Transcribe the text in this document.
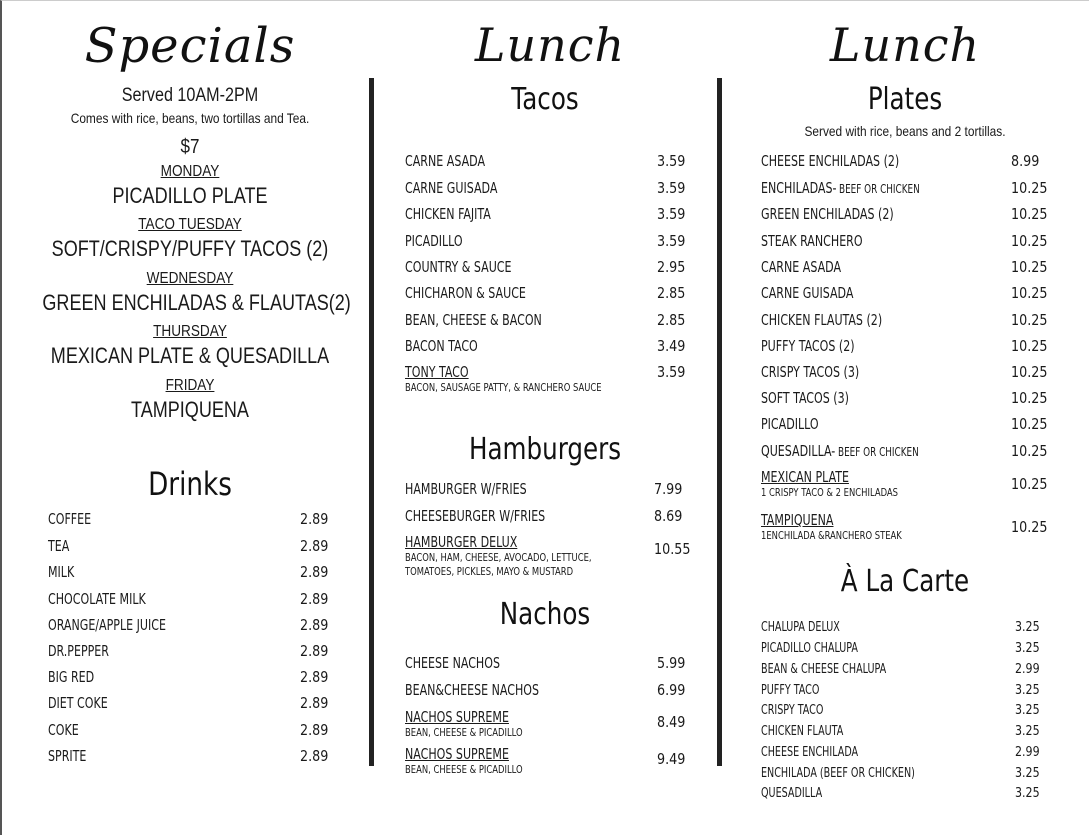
Specials
Served 10AM-2PM
Comes with rice, beans, two tortillas and Tea.
$7
MONDAY
PICADILLO PLATE
TACO TUESDAY
SOFT/CRISPY/PUFFY TACOS (2)
WEDNESDAY
GREEN ENCHILADAS & FLAUTAS(2)
THURSDAY
MEXICAN PLATE & QUESADILLA
FRIDAY
TAMPIQUENA
Drinks
COFFEE	2.89
TEA	2.89
MILK	2.89
CHOCOLATE MILK	2.89
ORANGE/APPLE JUICE	2.89
DR.PEPPER	2.89
BIG RED	2.89
DIET COKE	2.89
COKE	2.89
SPRITE	2.89
Lunch
Tacos
CARNE ASADA	3.59
CARNE GUISADA	3.59
CHICKEN FAJITA	3.59
PICADILLO	3.59
COUNTRY & SAUCE	2.95
CHICHARON & SAUCE	2.85
BEAN, CHEESE & BACON	2.85
BACON TACO	3.49
TONY TACO
BACON, SAUSAGE PATTY, & RANCHERO SAUCE
3.59
Hamburgers
HAMBURGER W/FRIES	7.99
CHEESEBURGER W/FRIES	8.69
HAMBURGER DELUX
BACON, HAM, CHEESE, AVOCADO, LETTUCE, TOMATOES, PICKLES, MAYO & MUSTARD
10.55
Nachos
CHEESE NACHOS	5.99
BEAN&CHEESE NACHOS	6.99
NACHOS SUPREME
BEAN, CHEESE & PICADILLO
8.49
NACHOS SUPREME
BEAN, CHEESE & PICADILLO
9.49
Lunch
Plates
Served with rice, beans and 2 tortillas.
CHEESE ENCHILADAS (2)	8.99
ENCHILADAS- BEEF OR CHICKEN	10.25
GREEN ENCHILADAS (2)	10.25
STEAK RANCHERO	10.25
CARNE ASADA	10.25
CARNE GUISADA	10.25
CHICKEN FLAUTAS (2)	10.25
PUFFY TACOS (2)	10.25
CRISPY TACOS (3)	10.25
SOFT TACOS (3)	10.25
PICADILLO	10.25
QUESADILLA- BEEF OR CHICKEN	10.25
MEXICAN PLATE
1 CRISPY TACO & 2 ENCHILADAS	10.25
TAMPIQUENA
1ENCHILADA &RANCHERO STEAK	10.25
À La Carte
CHALUPA DELUX	3.25
PICADILLO CHALUPA	3.25
BEAN & CHEESE CHALUPA	2.99
PUFFY TACO	3.25
CRISPY TACO	3.25
CHICKEN FLAUTA	3.25
CHEESE ENCHILADA	2.99
ENCHILADA (BEEF OR CHICKEN)	3.25
QUESADILLA	3.25
